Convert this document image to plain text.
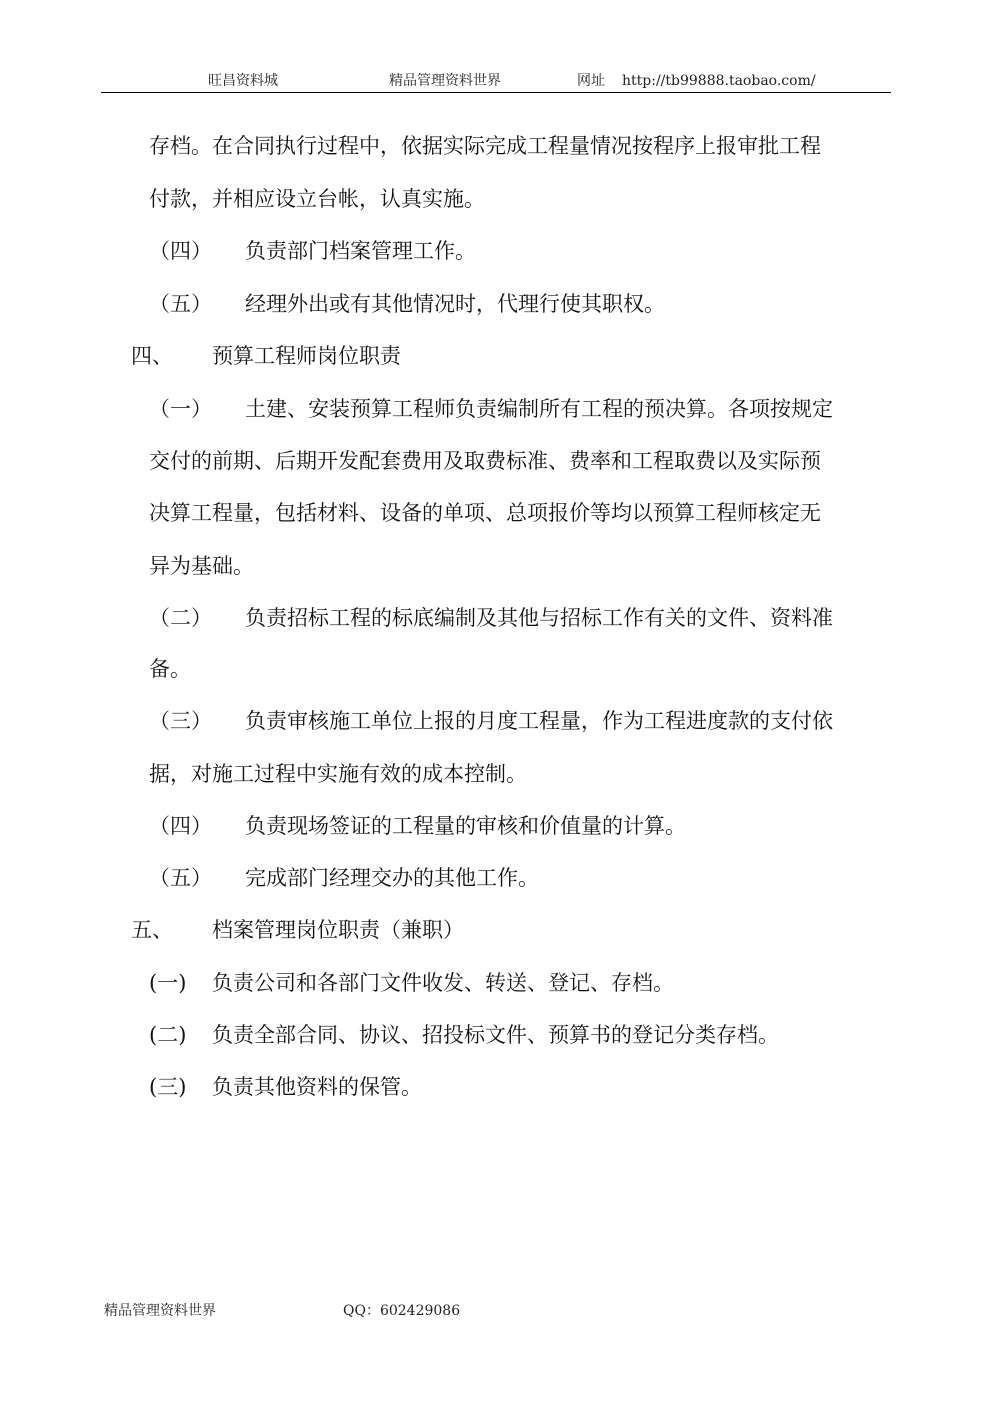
旺昌资料城	精品管理资料世界	网址 http://tb99888.taobao.com/
存档。在合同执行过程中，依据实际完成工程量情况按程序上报审批工程
付款，并相应设立台帐，认真实施。
（四） 负责部门档案管理工作。
（五） 经理外出或有其他情况时，代理行使其职权。
四、 预算工程师岗位职责
（一） 土建、安装预算工程师负责编制所有工程的预决算。各项按规定
交付的前期、后期开发配套费用及取费标准、费率和工程取费以及实际预
决算工程量，包括材料、设备的单项、总项报价等均以预算工程师核定无
异为基础。
（二） 负责招标工程的标底编制及其他与招标工作有关的文件、资料准
备。
（三） 负责审核施工单位上报的月度工程量，作为工程进度款的支付依
据，对施工过程中实施有效的成本控制。
（四） 负责现场签证的工程量的审核和价值量的计算。
（五） 完成部门经理交办的其他工作。
五、 档案管理岗位职责（兼职）
(一) 负责公司和各部门文件收发、转送、登记、存档。
(二) 负责全部合同、协议、招投标文件、预算书的登记分类存档。
(三) 负责其他资料的保管。
精品管理资料世界	QQ：602429086
